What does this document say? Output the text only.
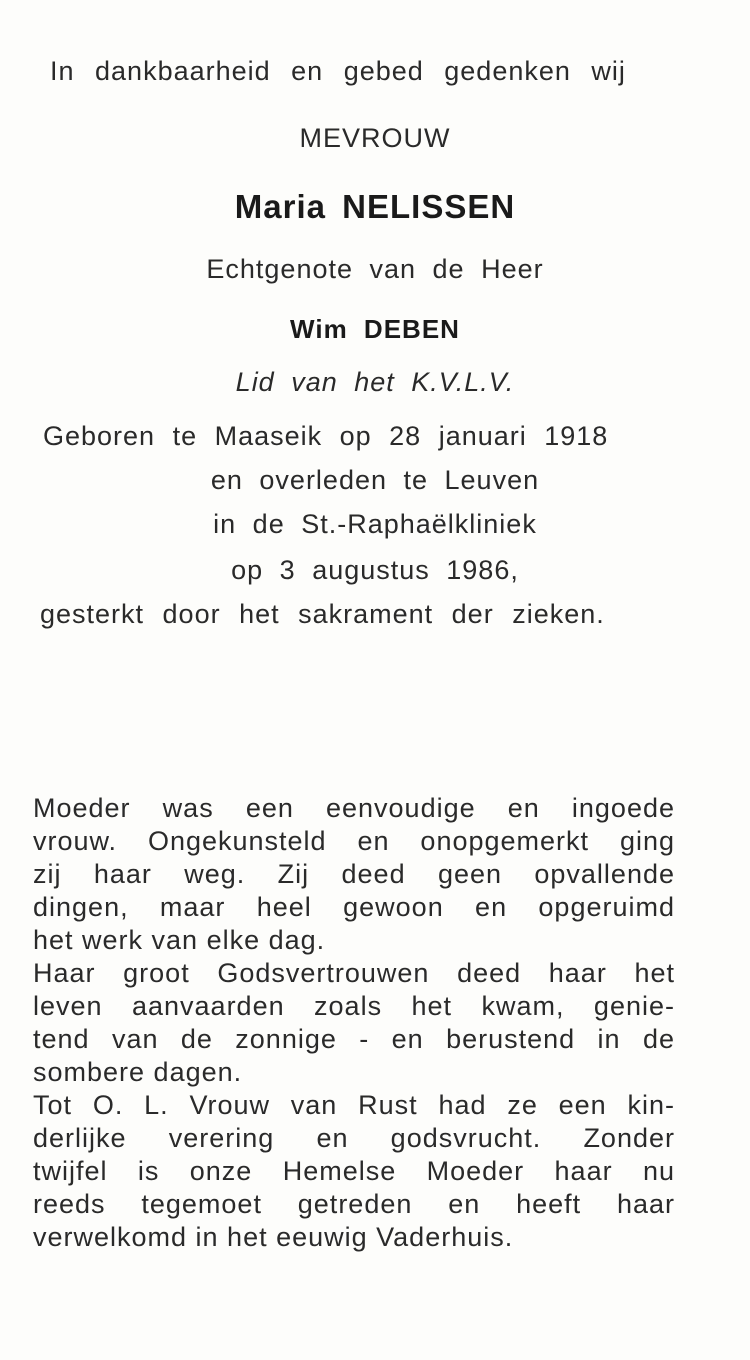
In dankbaarheid en gebed gedenken wij
MEVROUW
Maria NELISSEN
Echtgenote van de Heer
Wim DEBEN
Lid van het K.V.L.V.
Geboren te Maaseik op 28 januari 1918
en overleden te Leuven
in de St.-Raphaëlkliniek
op 3 augustus 1986,
gesterkt door het sakrament der zieken.
Moeder was een eenvoudige en ingoede
vrouw. Ongekunsteld en onopgemerkt ging
zij haar weg. Zij deed geen opvallende
dingen, maar heel gewoon en opgeruimd
het werk van elke dag.
Haar groot Godsvertrouwen deed haar het
leven aanvaarden zoals het kwam, genie-
tend van de zonnige - en berustend in de
sombere dagen.
Tot O. L. Vrouw van Rust had ze een kin-
derlijke verering en godsvrucht. Zonder
twijfel is onze Hemelse Moeder haar nu
reeds tegemoet getreden en heeft haar
verwelkomd in het eeuwig Vaderhuis.
